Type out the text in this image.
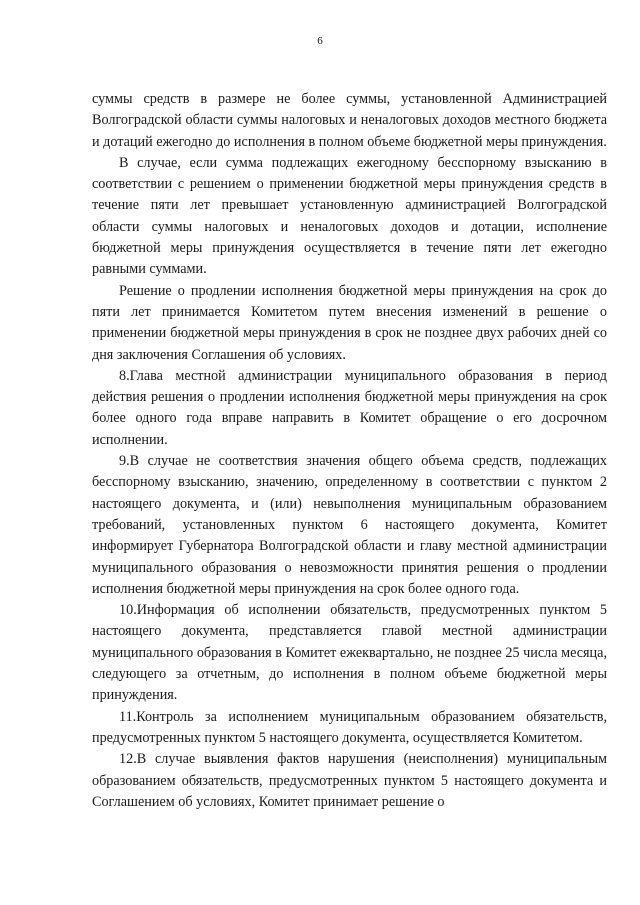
6

суммы средств в размере не более суммы, установленной Администрацией Волгоградской области суммы налоговых и неналоговых доходов местного бюджета и дотаций ежегодно до исполнения в полном объеме бюджетной меры принуждения.

В случае, если сумма подлежащих ежегодному бесспорному взысканию в соответствии с решением о применении бюджетной меры принуждения средств в течение пяти лет превышает установленную администрацией Волгоградской области суммы налоговых и неналоговых доходов и дотации, исполнение бюджетной меры принуждения осуществляется в течение пяти лет ежегодно равными суммами.

Решение о продлении исполнения бюджетной меры принуждения на срок до пяти лет принимается Комитетом путем внесения изменений в решение о применении бюджетной меры принуждения в срок не позднее двух рабочих дней со дня заключения Соглашения об условиях.

8.Глава местной администрации муниципального образования в период действия решения о продлении исполнения бюджетной меры принуждения на срок более одного года вправе направить в Комитет обращение о его досрочном исполнении.

9.В случае не соответствия значения общего объема средств, подлежащих бесспорному взысканию, значению, определенному в соответствии с пунктом 2 настоящего документа, и (или) невыполнения муниципальным образованием требований, установленных пунктом 6 настоящего документа, Комитет информирует Губернатора Волгоградской области и главу местной администрации муниципального образования о невозможности принятия решения о продлении исполнения бюджетной меры принуждения на срок более одного года.

10.Информация об исполнении обязательств, предусмотренных пунктом 5 настоящего документа, представляется главой местной администрации муниципального образования в Комитет ежеквартально, не позднее 25 числа месяца, следующего за отчетным, до исполнения в полном объеме бюджетной меры принуждения.

11.Контроль за исполнением муниципальным образованием обязательств, предусмотренных пунктом 5 настоящего документа, осуществляется Комитетом.

12.В случае выявления фактов нарушения (неисполнения) муниципальным образованием обязательств, предусмотренных пунктом 5 настоящего документа и Соглашением об условиях, Комитет принимает решение о
